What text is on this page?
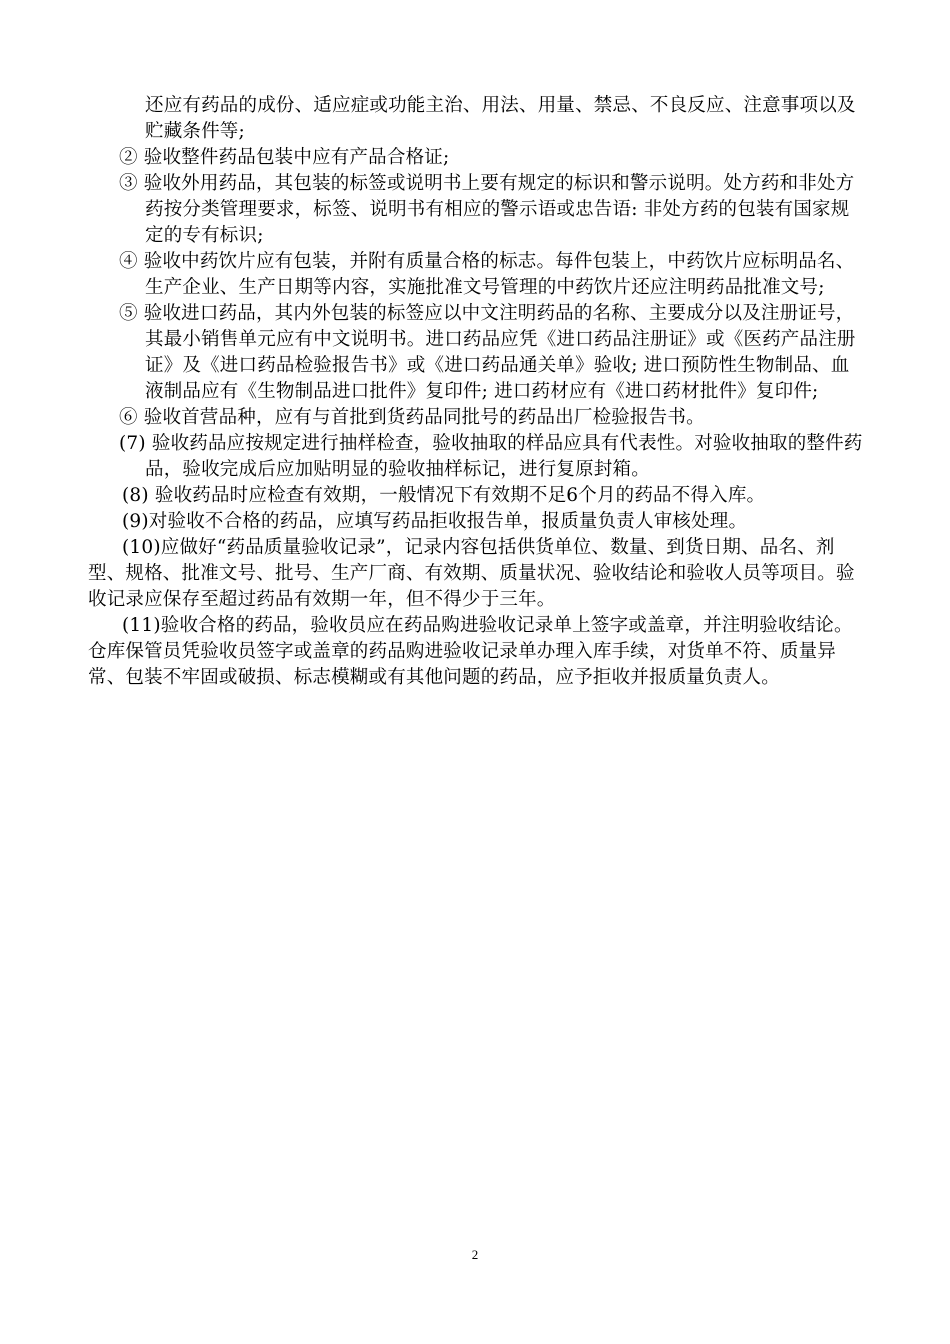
还应有药品的成份、适应症或功能主治、用法、用量、禁忌、不良反应、注意事项以及贮藏条件等;

② 验收整件药品包装中应有产品合格证;

③ 验收外用药品，其包装的标签或说明书上要有规定的标识和警示说明。处方药和非处方药按分类管理要求，标签、说明书有相应的警示语或忠告语: 非处方药的包装有国家规定的专有标识;

④ 验收中药饮片应有包装，并附有质量合格的标志。每件包装上，中药饮片应标明品名、生产企业、生产日期等内容，实施批准文号管理的中药饮片还应注明药品批准文号;

⑤ 验收进口药品，其内外包装的标签应以中文注明药品的名称、主要成分以及注册证号，其最小销售单元应有中文说明书。进口药品应凭《进口药品注册证》或《医药产品注册证》及《进口药品检验报告书》或《进口药品通关单》验收; 进口预防性生物制品、血液制品应有《生物制品进口批件》复印件; 进口药材应有《进口药材批件》复印件;

⑥ 验收首营品种，应有与首批到货药品同批号的药品出厂检验报告书。

(7) 验收药品应按规定进行抽样检查，验收抽取的样品应具有代表性。对验收抽取的整件药品，验收完成后应加贴明显的验收抽样标记，进行复原封箱。

(8) 验收药品时应检查有效期，一般情况下有效期不足6个月的药品不得入库。

(9)对验收不合格的药品，应填写药品拒收报告单，报质量负责人审核处理。

(10)应做好“药品质量验收记录”，记录内容包括供货单位、数量、到货日期、品名、剂型、规格、批准文号、批号、生产厂商、有效期、质量状况、验收结论和验收人员等项目。验收记录应保存至超过药品有效期一年，但不得少于三年。

(11)验收合格的药品，验收员应在药品购进验收记录单上签字或盖章，并注明验收结论。仓库保管员凭验收员签字或盖章的药品购进验收记录单办理入库手续，对货单不符、质量异常、包装不牢固或破损、标志模糊或有其他问题的药品，应予拒收并报质量负责人。

2
